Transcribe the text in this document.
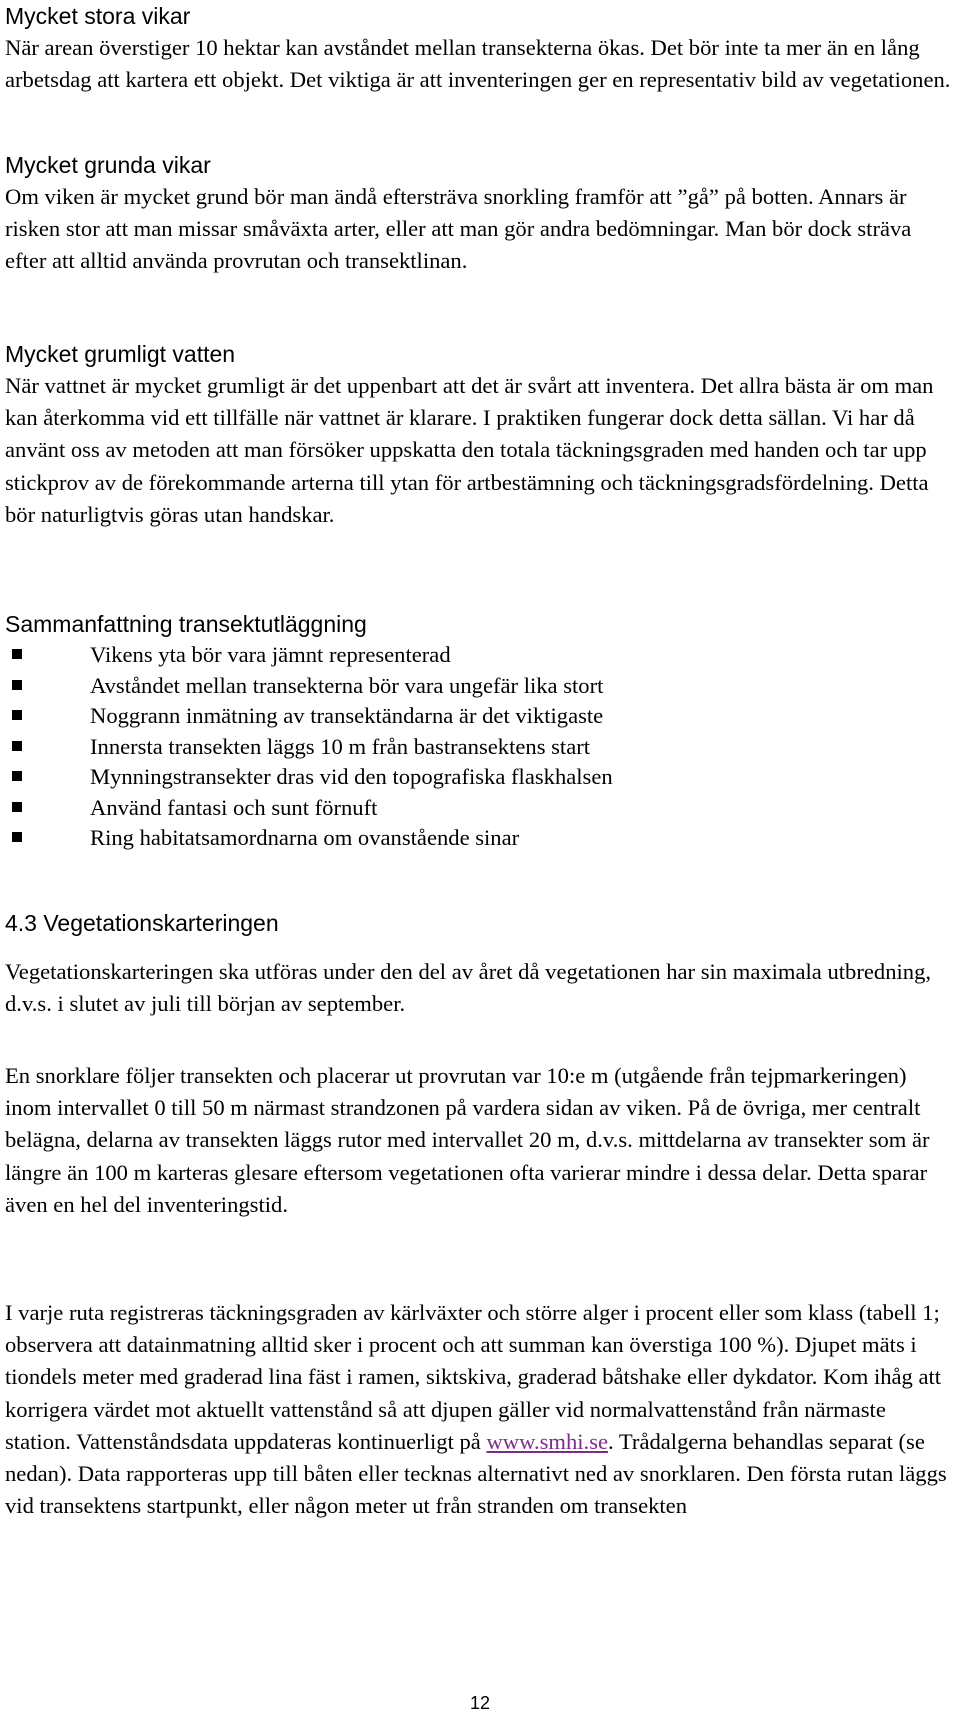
Mycket stora vikar

När arean överstiger 10 hektar kan avståndet mellan transekterna ökas. Det bör inte ta mer än en lång arbetsdag att kartera ett objekt. Det viktiga är att inventeringen ger en representativ bild av vegetationen.

Mycket grunda vikar

Om viken är mycket grund bör man ändå eftersträva snorkling framför att ”gå” på botten. Annars är risken stor att man missar småväxta arter, eller att man gör andra bedömningar. Man bör dock sträva efter att alltid använda provrutan och transektlinan.

Mycket grumligt vatten

När vattnet är mycket grumligt är det uppenbart att det är svårt att inventera. Det allra bästa är om man kan återkomma vid ett tillfälle när vattnet är klarare. I praktiken fungerar dock detta sällan. Vi har då använt oss av metoden att man försöker uppskatta den totala täckningsgraden med handen och tar upp stickprov av de förekommande arterna till ytan för artbestämning och täckningsgradsfördelning. Detta bör naturligtvis göras utan handskar.

Sammanfattning transektutläggning
Vikens yta bör vara jämnt representerad
Avståndet mellan transekterna bör vara ungefär lika stort
Noggrann inmätning av transektändarna är det viktigaste
Innersta transekten läggs 10 m från bastransektens start
Mynningstransekter dras vid den topografiska flaskhalsen
Använd fantasi och sunt förnuft
Ring habitatsamordnarna om ovanstående sinar
4.3 Vegetationskarteringen

Vegetationskarteringen ska utföras under den del av året då vegetationen har sin maximala utbredning, d.v.s. i slutet av juli till början av september.

En snorklare följer transekten och placerar ut provrutan var 10:e m (utgående från tejpmarkeringen) inom intervallet 0 till 50 m närmast strandzonen på vardera sidan av viken. På de övriga, mer centralt belägna, delarna av transekten läggs rutor med intervallet 20 m, d.v.s. mittdelarna av transekter som är längre än 100 m karteras glesare eftersom vegetationen ofta varierar mindre i dessa delar. Detta sparar även en hel del inventeringstid.

I varje ruta registreras täckningsgraden av kärlväxter och större alger i procent eller som klass (tabell 1; observera att datainmatning alltid sker i procent och att summan kan överstiga 100 %). Djupet mäts i tiondels meter med graderad lina fäst i ramen, siktskiva, graderad båtshake eller dykdator. Kom ihåg att korrigera värdet mot aktuellt vattenstånd så att djupen gäller vid normalvattenstånd från närmaste station. Vattenståndsdata uppdateras kontinuerligt på www.smhi.se. Trådalgerna behandlas separat (se nedan). Data rapporteras upp till båten eller tecknas alternativt ned av snorklaren. Den första rutan läggs vid transektens startpunkt, eller någon meter ut från stranden om transekten

12
